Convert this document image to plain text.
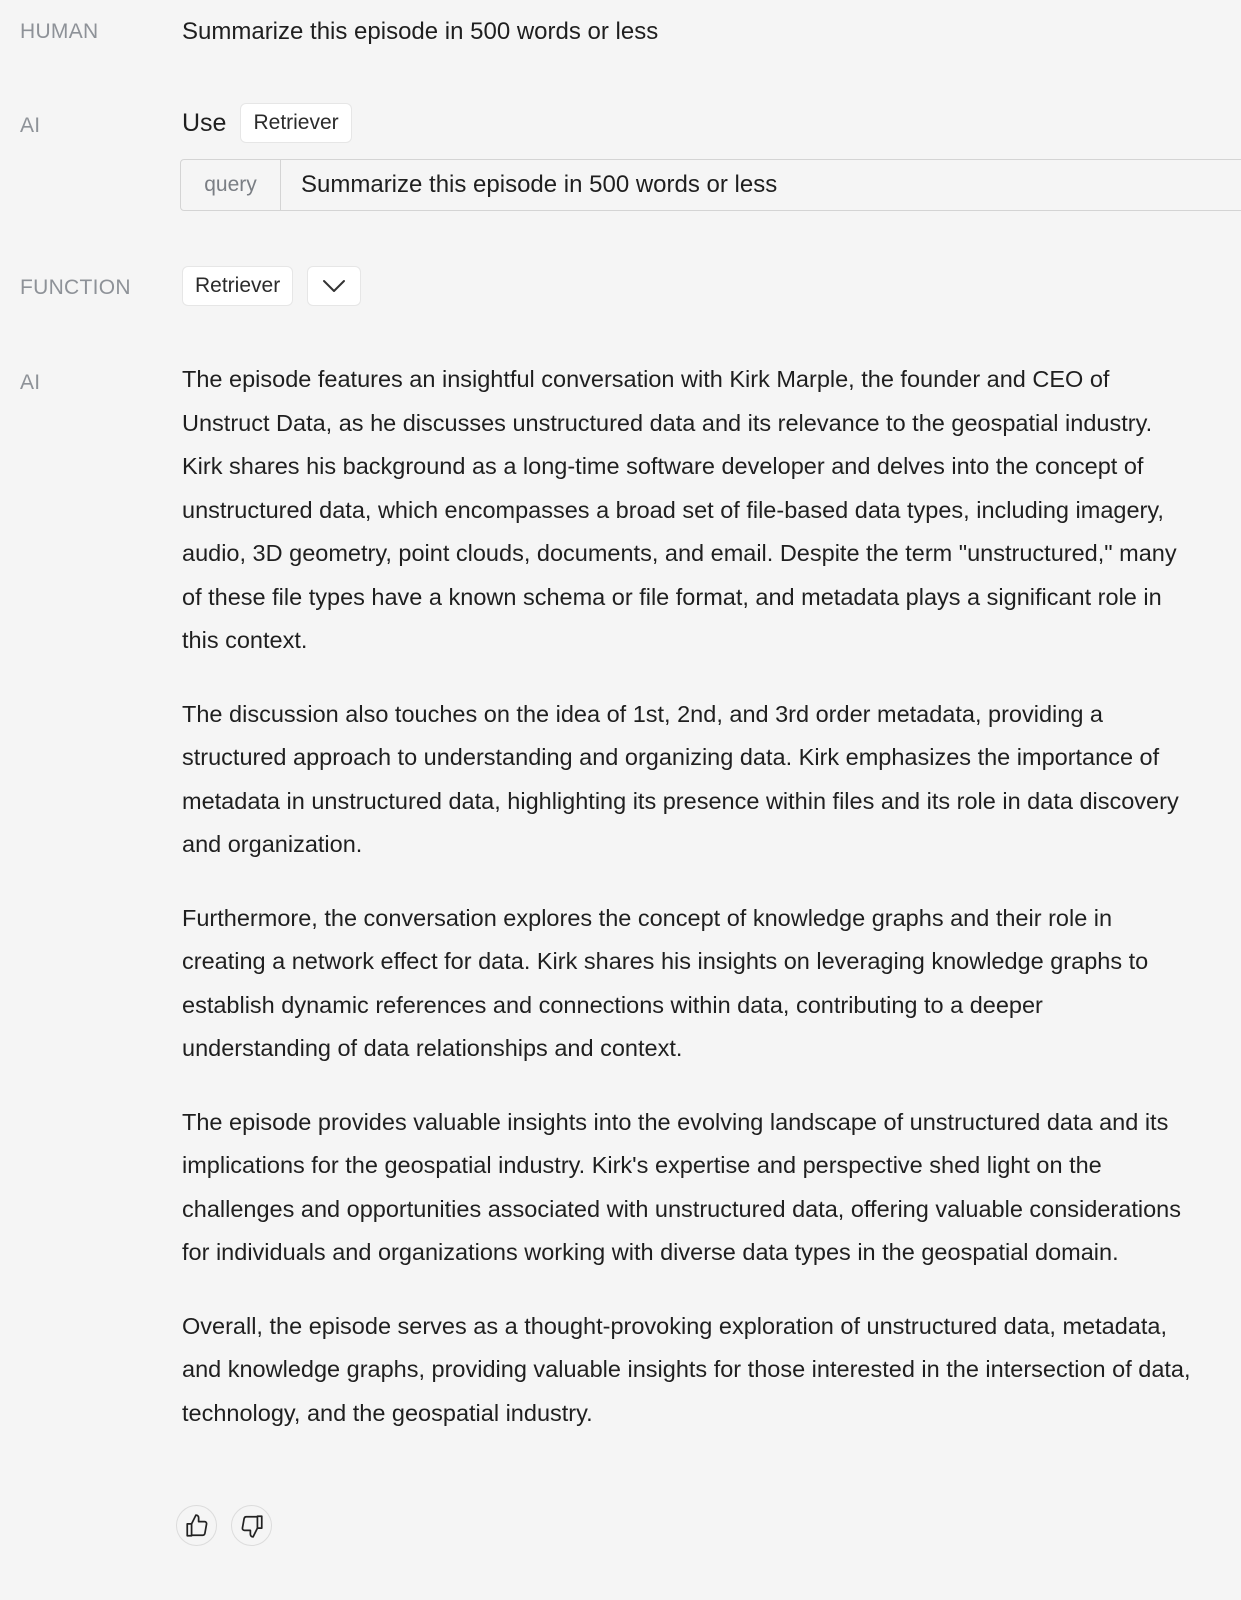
HUMAN	Summarize this episode in 500 words or less
AI	Use	Retriever
query	Summarize this episode in 500 words or less
FUNCTION	Retriever
AI	The episode features an insightful conversation with Kirk Marple, the founder and CEO of Unstruct Data, as he discusses unstructured data and its relevance to the geospatial industry. Kirk shares his background as a long-time software developer and delves into the concept of unstructured data, which encompasses a broad set of file-based data types, including imagery, audio, 3D geometry, point clouds, documents, and email. Despite the term "unstructured," many of these file types have a known schema or file format, and metadata plays a significant role in this context.

The discussion also touches on the idea of 1st, 2nd, and 3rd order metadata, providing a structured approach to understanding and organizing data. Kirk emphasizes the importance of metadata in unstructured data, highlighting its presence within files and its role in data discovery and organization.

Furthermore, the conversation explores the concept of knowledge graphs and their role in creating a network effect for data. Kirk shares his insights on leveraging knowledge graphs to establish dynamic references and connections within data, contributing to a deeper understanding of data relationships and context.

The episode provides valuable insights into the evolving landscape of unstructured data and its implications for the geospatial industry. Kirk's expertise and perspective shed light on the challenges and opportunities associated with unstructured data, offering valuable considerations for individuals and organizations working with diverse data types in the geospatial domain.

Overall, the episode serves as a thought-provoking exploration of unstructured data, metadata, and knowledge graphs, providing valuable insights for those interested in the intersection of data, technology, and the geospatial industry.
